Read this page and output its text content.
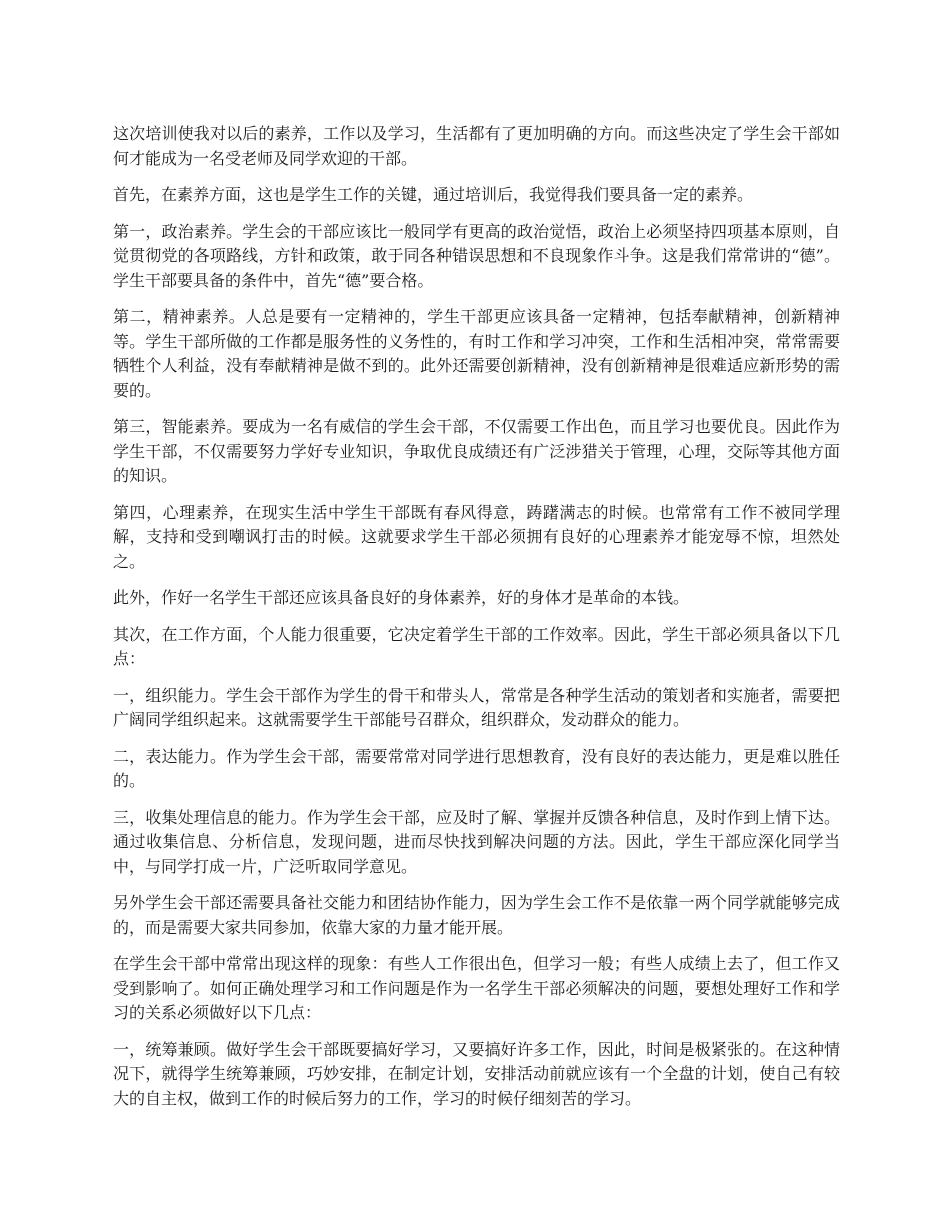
这次培训使我对以后的素养，工作以及学习，生活都有了更加明确的方向。而这些决定了学生会干部如何才能成为一名受老师及同学欢迎的干部。

首先，在素养方面，这也是学生工作的关键，通过培训后，我觉得我们要具备一定的素养。

第一，政治素养。学生会的干部应该比一般同学有更高的政治觉悟，政治上必须坚持四项基本原则，自觉贯彻党的各项路线，方针和政策，敢于同各种错误思想和不良现象作斗争。这是我们常常讲的“德”。学生干部要具备的条件中，首先“德”要合格。

第二，精神素养。人总是要有一定精神的，学生干部更应该具备一定精神，包括奉献精神，创新精神等。学生干部所做的工作都是服务性的义务性的，有时工作和学习冲突，工作和生活相冲突，常常需要牺牲个人利益，没有奉献精神是做不到的。此外还需要创新精神，没有创新精神是很难适应新形势的需要的。

第三，智能素养。要成为一名有威信的学生会干部，不仅需要工作出色，而且学习也要优良。因此作为学生干部，不仅需要努力学好专业知识，争取优良成绩还有广泛涉猎关于管理，心理，交际等其他方面的知识。

第四，心理素养，在现实生活中学生干部既有春风得意，踌躇满志的时候。也常常有工作不被同学理解，支持和受到嘲讽打击的时候。这就要求学生干部必须拥有良好的心理素养才能宠辱不惊，坦然处之。

此外，作好一名学生干部还应该具备良好的身体素养，好的身体才是革命的本钱。

其次，在工作方面，个人能力很重要，它决定着学生干部的工作效率。因此，学生干部必须具备以下几点：

一，组织能力。学生会干部作为学生的骨干和带头人，常常是各种学生活动的策划者和实施者，需要把广阔同学组织起来。这就需要学生干部能号召群众，组织群众，发动群众的能力。

二，表达能力。作为学生会干部，需要常常对同学进行思想教育，没有良好的表达能力，更是难以胜任的。

三，收集处理信息的能力。作为学生会干部，应及时了解、掌握并反馈各种信息，及时作到上情下达。通过收集信息、分析信息，发现问题，进而尽快找到解决问题的方法。因此，学生干部应深化同学当中，与同学打成一片，广泛听取同学意见。

另外学生会干部还需要具备社交能力和团结协作能力，因为学生会工作不是依靠一两个同学就能够完成的，而是需要大家共同参加，依靠大家的力量才能开展。

在学生会干部中常常出现这样的现象：有些人工作很出色，但学习一般；有些人成绩上去了，但工作又受到影响了。如何正确处理学习和工作问题是作为一名学生干部必须解决的问题，要想处理好工作和学习的关系必须做好以下几点：

一，统筹兼顾。做好学生会干部既要搞好学习，又要搞好许多工作，因此，时间是极紧张的。在这种情况下，就得学生统筹兼顾，巧妙安排，在制定计划，安排活动前就应该有一个全盘的计划，使自己有较大的自主权，做到工作的时候后努力的工作，学习的时候仔细刻苦的学习。
